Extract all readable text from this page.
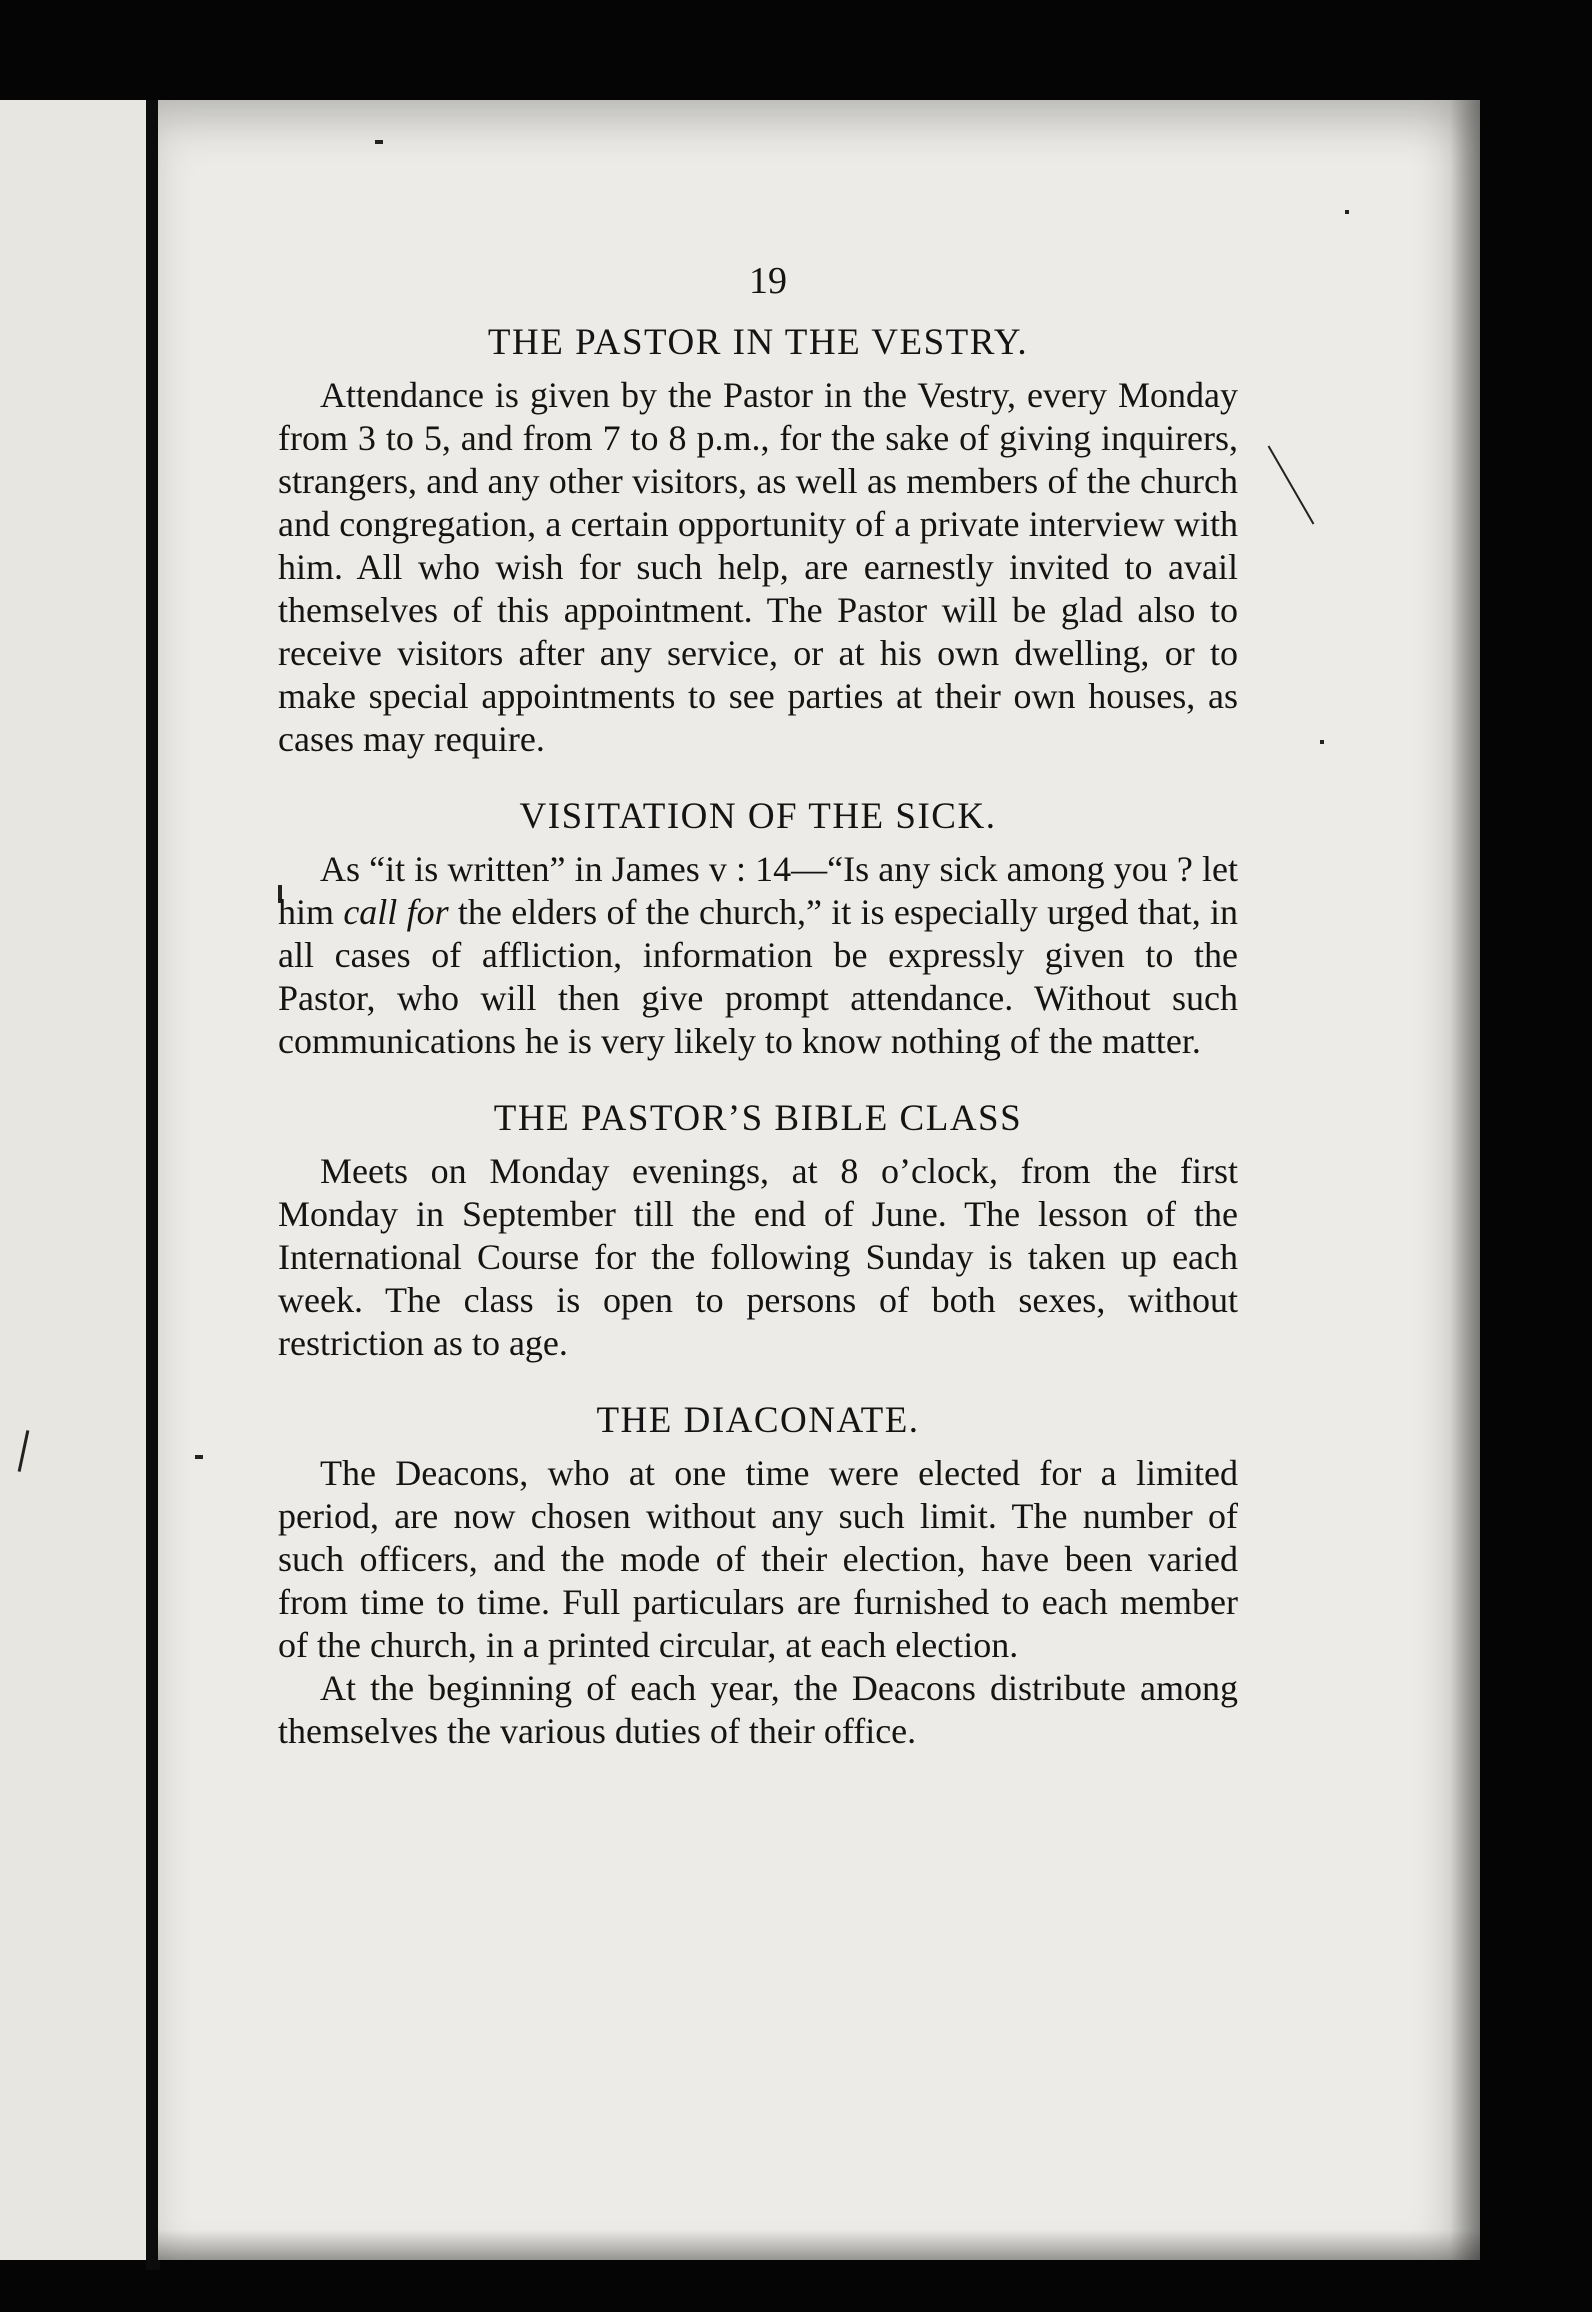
19
THE PASTOR IN THE VESTRY.

Attendance is given by the Pastor in the Vestry, every Monday from 3 to 5, and from 7 to 8 p.m., for the sake of giving inquirers, strangers, and any other visitors, as well as members of the church and congregation, a certain opportunity of a private interview with him. All who wish for such help, are earnestly invited to avail themselves of this appointment. The Pastor will be glad also to receive visitors after any service, or at his own dwelling, or to make special appointments to see parties at their own houses, as cases may require.

VISITATION OF THE SICK.

As “it is written” in James v : 14—“Is any sick among you ? let him call for the elders of the church,” it is especially urged that, in all cases of affliction, information be expressly given to the Pastor, who will then give prompt attendance. Without such communications he is very likely to know nothing of the matter.

THE PASTOR’S BIBLE CLASS

Meets on Monday evenings, at 8 o’clock, from the first Monday in September till the end of June. The lesson of the International Course for the following Sunday is taken up each week. The class is open to persons of both sexes, without restriction as to age.

THE DIACONATE.

The Deacons, who at one time were elected for a limited period, are now chosen without any such limit. The number of such officers, and the mode of their election, have been varied from time to time. Full particulars are furnished to each member of the church, in a printed circular, at each election.

At the beginning of each year, the Deacons distribute among themselves the various duties of their office.
